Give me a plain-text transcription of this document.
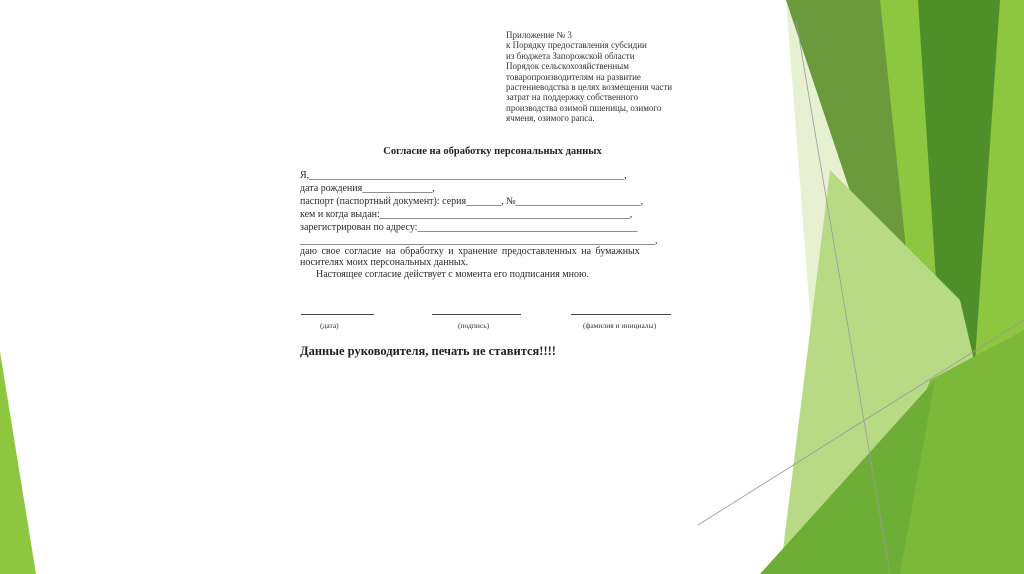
Приложение № 3
к Порядку предоставления субсидии
из бюджета Запорожской области
Порядок сельскохозяйственным
товаропроизводителям на развитие
растениеводства в целях возмещения части
затрат на поддержку собственного
производства озимой пшеницы, озимого
ячменя, озимого рапса.
Согласие на обработку персональных данных
Я,_______________________________________________________________,
дата рождения______________,
паспорт (паспортный документ): серия_______, №_________________________,
кем и когда выдан:__________________________________________________,
зарегистрирован по адресу:____________________________________________
_______________________________________________________________________,
даю свое согласие на обработку и хранение предоставленных на бумажных
носителях моих персональных данных.
Настоящее согласие действует с момента его подписания мною.
(дата)	(подпись)	(фамилия и инициалы)
Данные руководителя, печать не ставится!!!!
